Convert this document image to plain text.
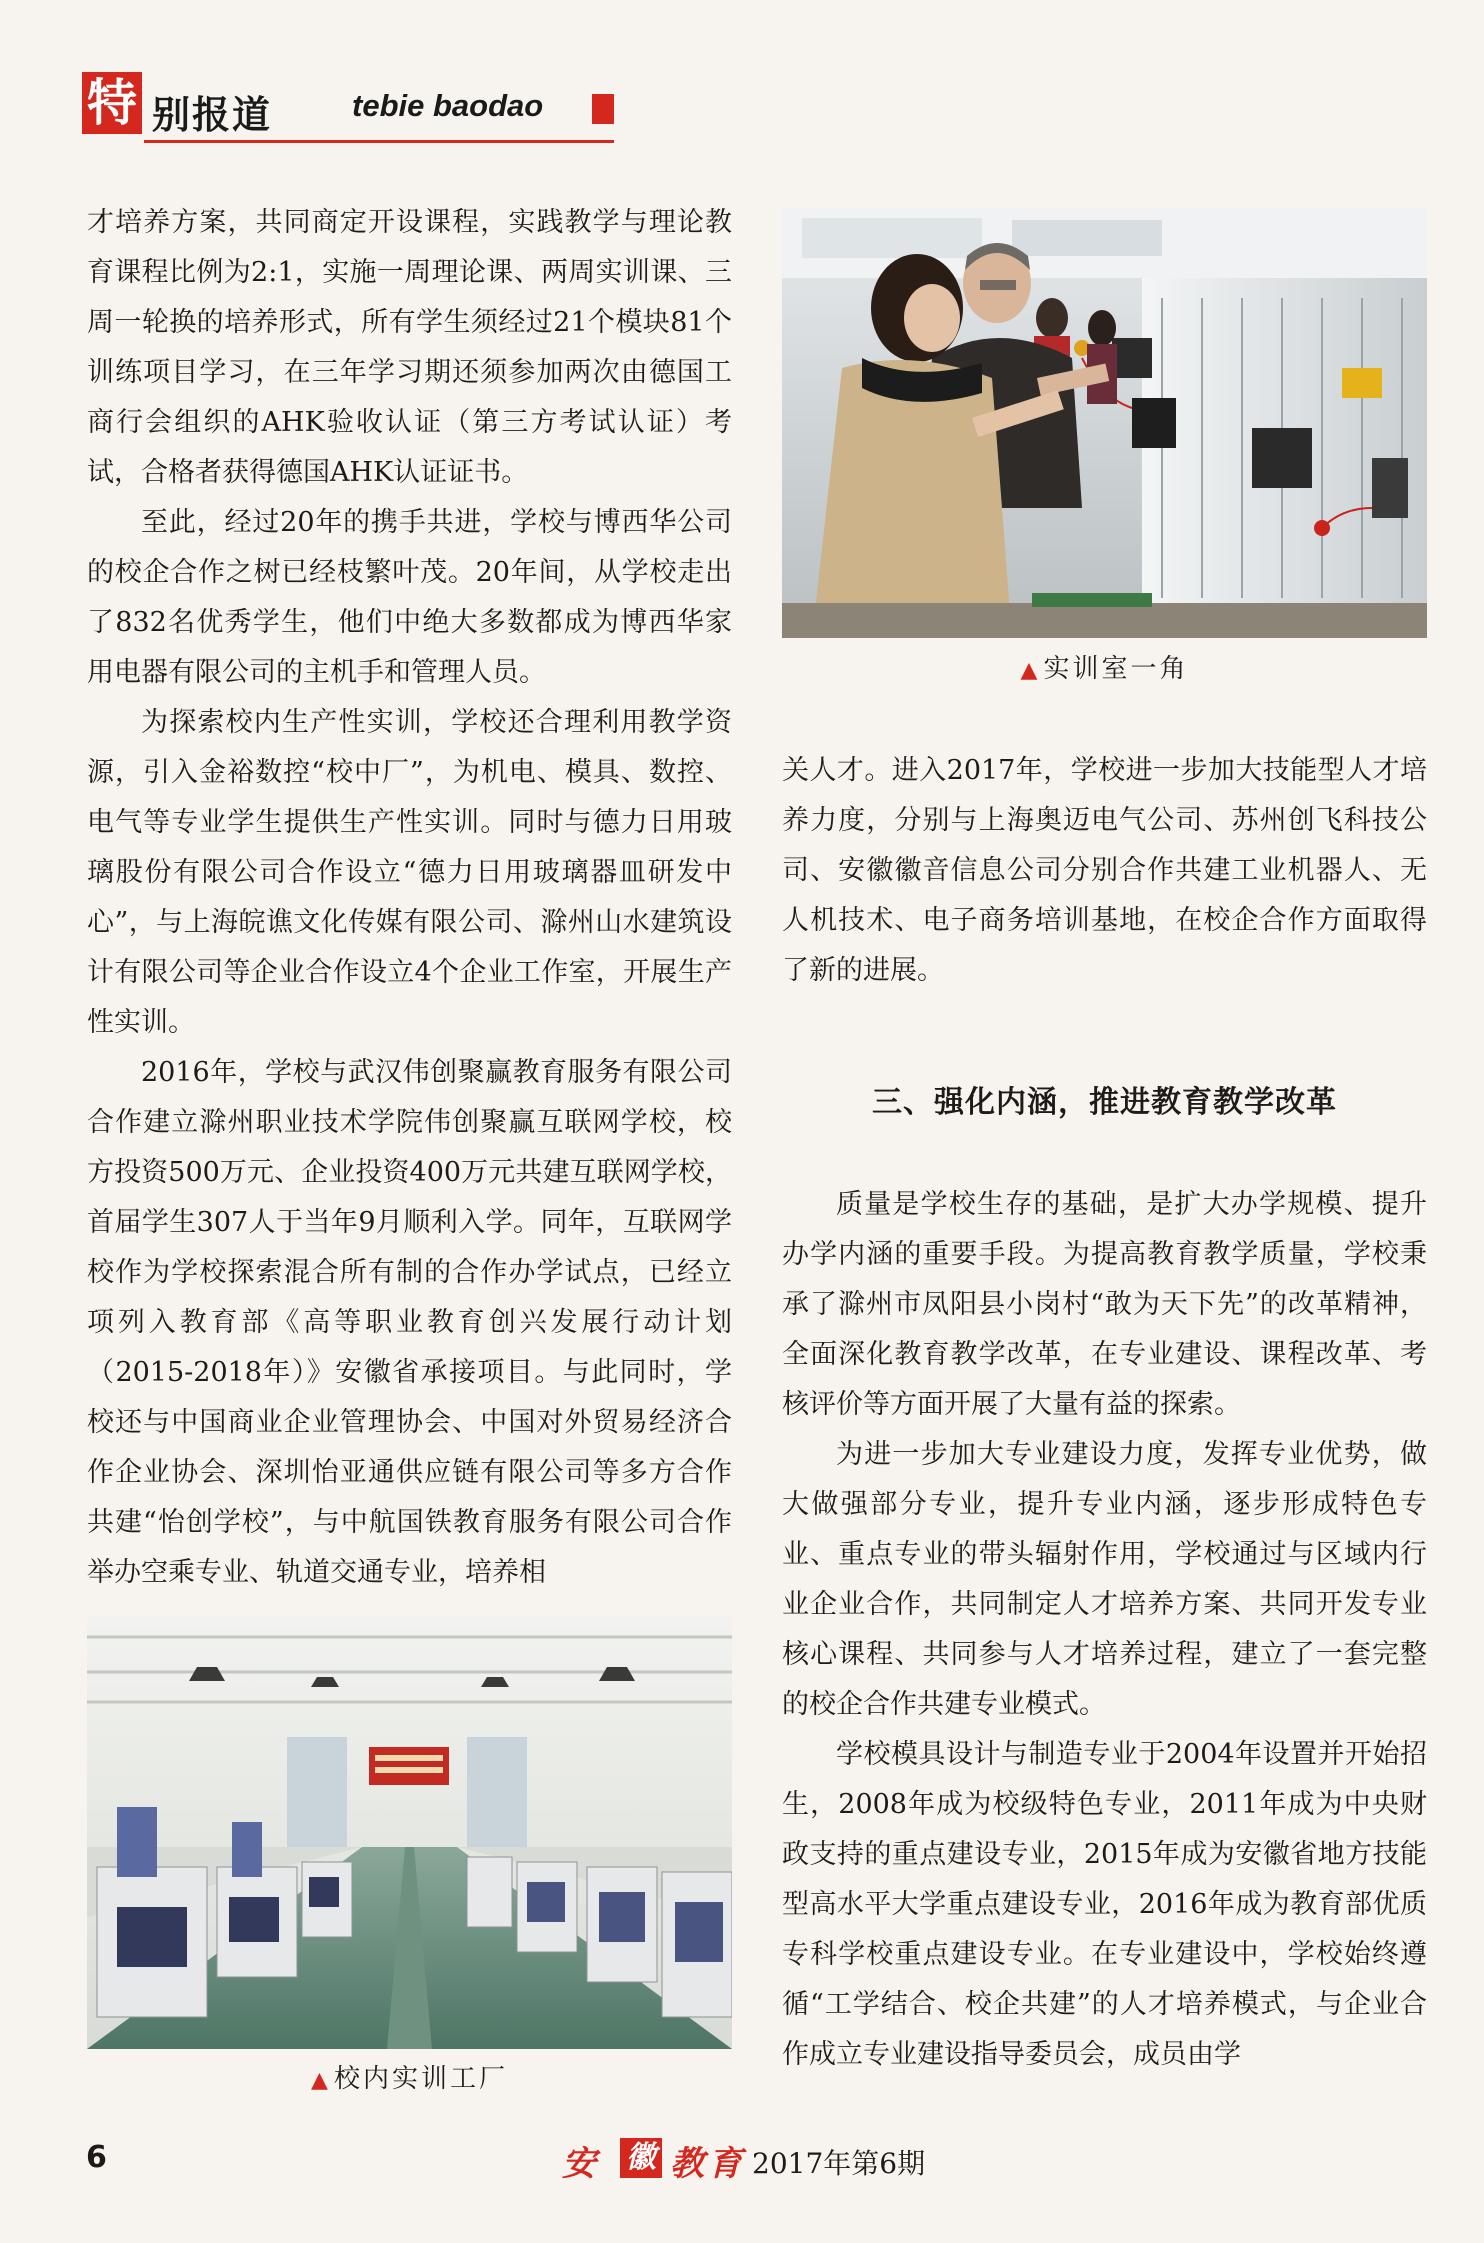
特 别报道	tebie baodao

才培养方案，共同商定开设课程，实践教学与理论教育课程比例为2:1，实施一周理论课、两周实训课、三周一轮换的培养形式，所有学生须经过21个模块81个训练项目学习，在三年学习期还须参加两次由德国工商行会组织的AHK验收认证（第三方考试认证）考试，合格者获得德国AHK认证证书。

至此，经过20年的携手共进，学校与博西华公司的校企合作之树已经枝繁叶茂。20年间，从学校走出了832名优秀学生，他们中绝大多数都成为博西华家用电器有限公司的主机手和管理人员。

为探索校内生产性实训，学校还合理利用教学资源，引入金裕数控“校中厂”，为机电、模具、数控、电气等专业学生提供生产性实训。同时与德力日用玻璃股份有限公司合作设立“德力日用玻璃器皿研发中心”，与上海皖谯文化传媒有限公司、滁州山水建筑设计有限公司等企业合作设立4个企业工作室，开展生产性实训。

2016年，学校与武汉伟创聚赢教育服务有限公司合作建立滁州职业技术学院伟创聚赢互联网学校，校方投资500万元、企业投资400万元共建互联网学校，首届学生307人于当年9月顺利入学。同年，互联网学校作为学校探索混合所有制的合作办学试点，已经立项列入教育部《高等职业教育创兴发展行动计划（2015-2018年）》安徽省承接项目。与此同时，学校还与中国商业企业管理协会、中国对外贸易经济合作企业协会、深圳怡亚通供应链有限公司等多方合作共建“怡创学校”，与中航国铁教育服务有限公司合作举办空乘专业、轨道交通专业，培养相

▲ 实训室一角

关人才。进入2017年，学校进一步加大技能型人才培养力度，分别与上海奥迈电气公司、苏州创飞科技公司、安徽徽音信息公司分别合作共建工业机器人、无人机技术、电子商务培训基地，在校企合作方面取得了新的进展。

三、强化内涵，推进教育教学改革

质量是学校生存的基础，是扩大办学规模、提升办学内涵的重要手段。为提高教育教学质量，学校秉承了滁州市凤阳县小岗村“敢为天下先”的改革精神，全面深化教育教学改革，在专业建设、课程改革、考核评价等方面开展了大量有益的探索。

为进一步加大专业建设力度，发挥专业优势，做大做强部分专业，提升专业内涵，逐步形成特色专业、重点专业的带头辐射作用，学校通过与区域内行业企业合作，共同制定人才培养方案、共同开发专业核心课程、共同参与人才培养过程，建立了一套完整的校企合作共建专业模式。

学校模具设计与制造专业于2004年设置并开始招生，2008年成为校级特色专业，2011年成为中央财政支持的重点建设专业，2015年成为安徽省地方技能型高水平大学重点建设专业，2016年成为教育部优质专科学校重点建设专业。在专业建设中，学校始终遵循“工学结合、校企共建”的人才培养模式，与企业合作成立专业建设指导委员会，成员由学

▲ 校内实训工厂
6	安 徽 教育 2017年第6期
